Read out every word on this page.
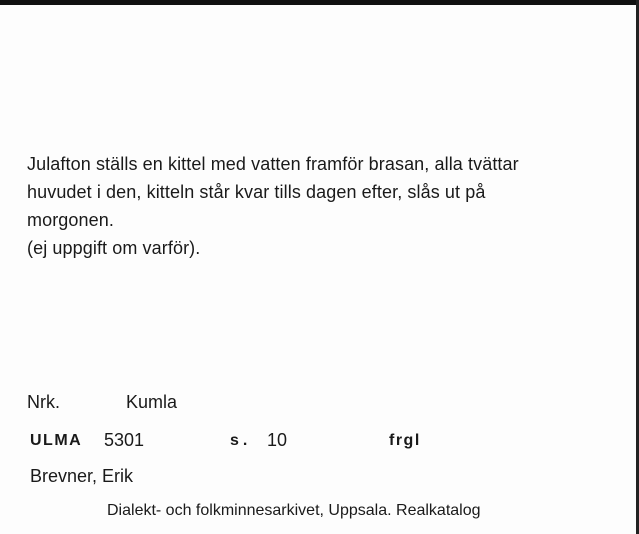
Julafton ställs en kittel med vatten framför brasan, alla tvättar
huvudet i den, kitteln står kvar tills dagen efter, slås ut på
morgonen.
(ej uppgift om varför).
Nrk.	Kumla
ULMA 5301	s. 10	frgl
Brevner, Erik
Dialekt- och folkminnesarkivet, Uppsala. Realkatalog
